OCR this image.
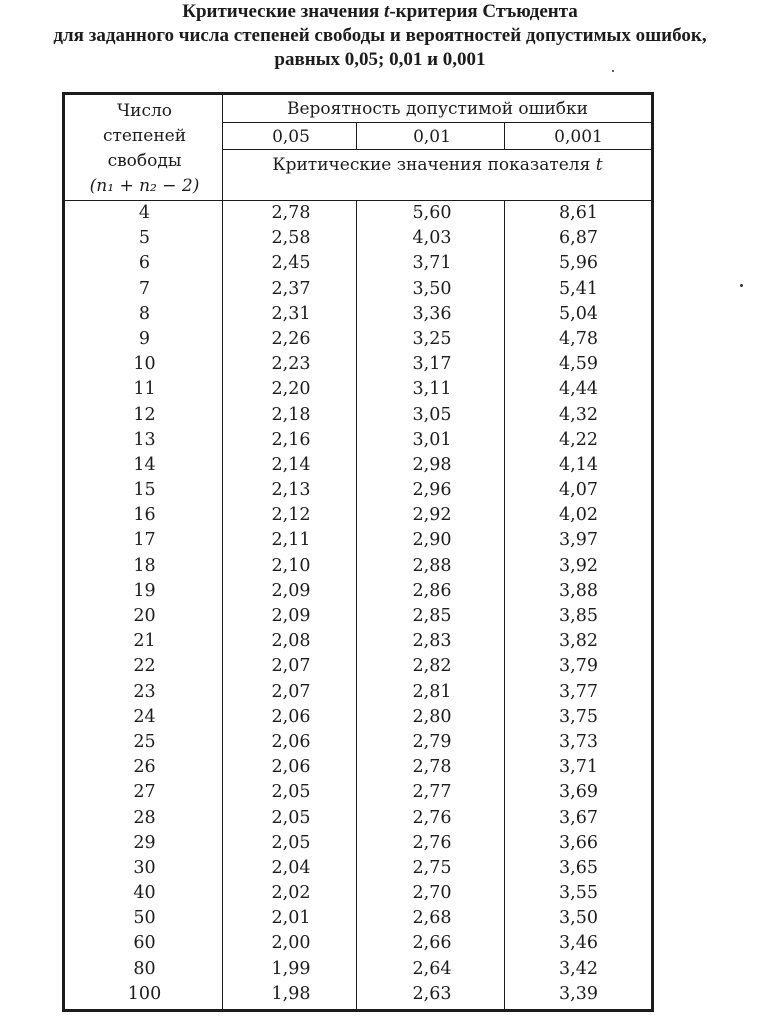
Критические значения t-критерия Стъюдента
для заданного числа степеней свободы и вероятностей допустимых ошибок,
равных 0,05; 0,01 и 0,001
Число
степеней
свободы
(n₁ + n₂ − 2)
Вероятность допустимой ошибки
0,05	0,01	0,001
Критические значения показателя t
4	2,78	5,60	8,61
5	2,58	4,03	6,87
6	2,45	3,71	5,96
7	2,37	3,50	5,41
8	2,31	3,36	5,04
9	2,26	3,25	4,78
10	2,23	3,17	4,59
11	2,20	3,11	4,44
12	2,18	3,05	4,32
13	2,16	3,01	4,22
14	2,14	2,98	4,14
15	2,13	2,96	4,07
16	2,12	2,92	4,02
17	2,11	2,90	3,97
18	2,10	2,88	3,92
19	2,09	2,86	3,88
20	2,09	2,85	3,85
21	2,08	2,83	3,82
22	2,07	2,82	3,79
23	2,07	2,81	3,77
24	2,06	2,80	3,75
25	2,06	2,79	3,73
26	2,06	2,78	3,71
27	2,05	2,77	3,69
28	2,05	2,76	3,67
29	2,05	2,76	3,66
30	2,04	2,75	3,65
40	2,02	2,70	3,55
50	2,01	2,68	3,50
60	2,00	2,66	3,46
80	1,99	2,64	3,42
100	1,98	2,63	3,39
